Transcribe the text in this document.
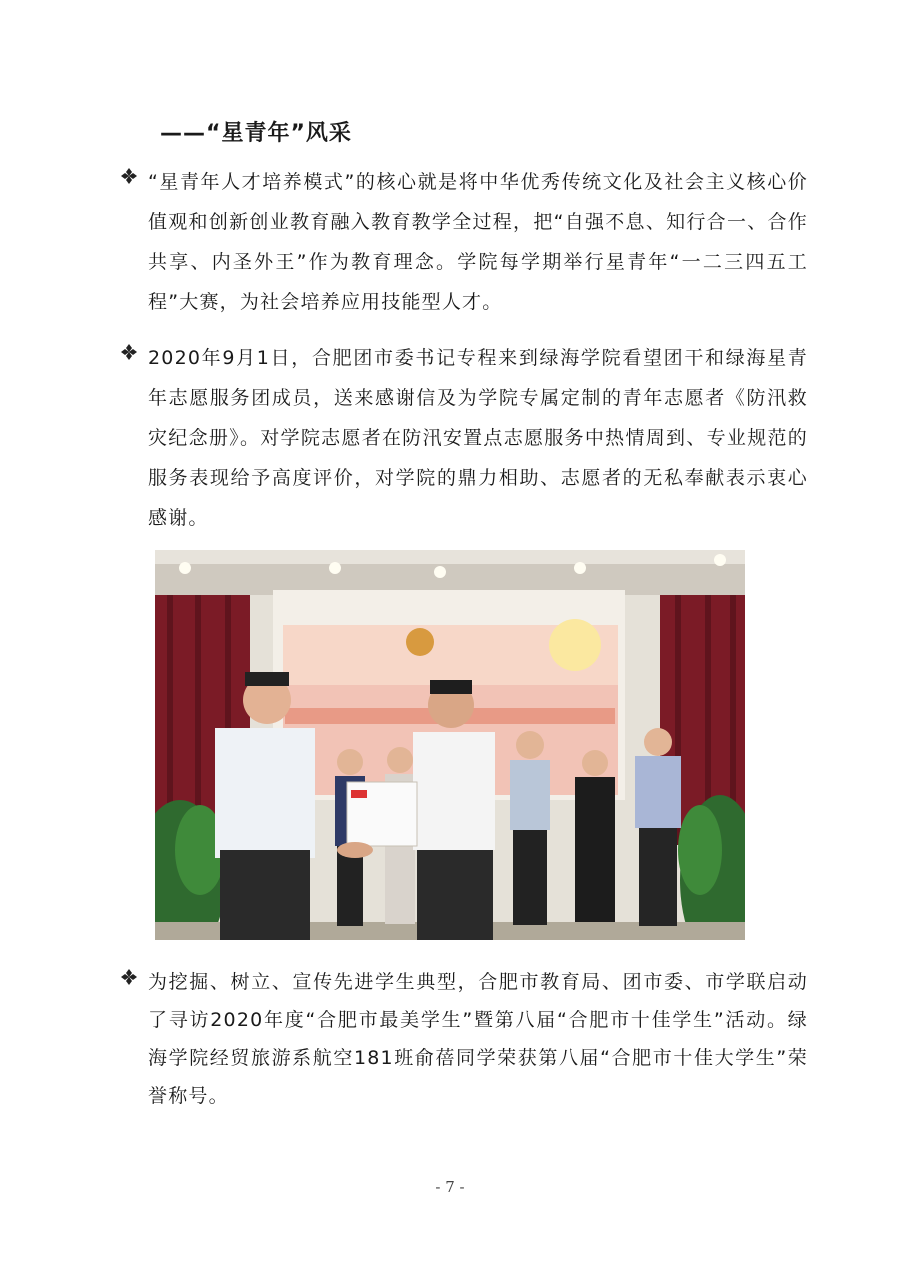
——“星青年”风采
“星青年人才培养模式”的核心就是将中华优秀传统文化及社会主义核心价值观和创新创业教育融入教育教学全过程，把“自强不息、知行合一、合作共享、内圣外王”作为教育理念。学院每学期举行星青年“一二三四五工程”大赛，为社会培养应用技能型人才。
2020年9月1日，合肥团市委书记专程来到绿海学院看望团干和绿海星青年志愿服务团成员，送来感谢信及为学院专属定制的青年志愿者《防汛救灾纪念册》。对学院志愿者在防汛安置点志愿服务中热情周到、专业规范的服务表现给予高度评价，对学院的鼎力相助、志愿者的无私奉献表示衷心感谢。
为挖掘、树立、宣传先进学生典型，合肥市教育局、团市委、市学联启动了寻访2020年度“合肥市最美学生”暨第八届“合肥市十佳学生”活动。绿海学院经贸旅游系航空181班俞蓓同学荣获第八届“合肥市十佳大学生”荣誉称号。
- 7 -
